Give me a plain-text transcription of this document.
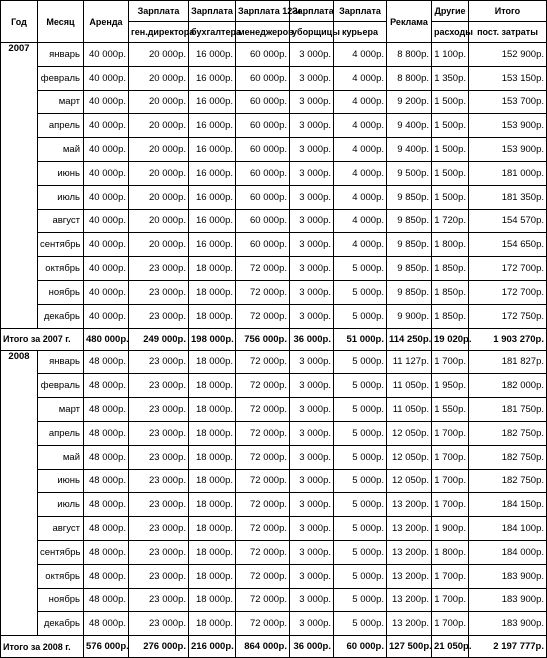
Год	Месяц	Аренда	Зарплата	Зарплата	Зарплата 12-и	Зарплата	Зарплата	Реклама	Другие	Итого
			ген.директора	бухгалтера	менеджеров	уборщицы	курьера		расходы	пост. затраты
2007	январь	40 000р.	20 000р.	16 000р.	60 000р.	3 000р.	4 000р.	8 800р.	1 100р.	152 900р.
	февраль	40 000р.	20 000р.	16 000р.	60 000р.	3 000р.	4 000р.	8 800р.	1 350р.	153 150р.
	март	40 000р.	20 000р.	16 000р.	60 000р.	3 000р.	4 000р.	9 200р.	1 500р.	153 700р.
	апрель	40 000р.	20 000р.	16 000р.	60 000р.	3 000р.	4 000р.	9 400р.	1 500р.	153 900р.
	май	40 000р.	20 000р.	16 000р.	60 000р.	3 000р.	4 000р.	9 400р.	1 500р.	153 900р.
	июнь	40 000р.	20 000р.	16 000р.	60 000р.	3 000р.	4 000р.	9 500р.	1 500р.	181 000р.
	июль	40 000р.	20 000р.	16 000р.	60 000р.	3 000р.	4 000р.	9 850р.	1 500р.	181 350р.
	август	40 000р.	20 000р.	16 000р.	60 000р.	3 000р.	4 000р.	9 850р.	1 720р.	154 570р.
	сентябрь	40 000р.	20 000р.	16 000р.	60 000р.	3 000р.	4 000р.	9 850р.	1 800р.	154 650р.
	октябрь	40 000р.	23 000р.	18 000р.	72 000р.	3 000р.	5 000р.	9 850р.	1 850р.	172 700р.
	ноябрь	40 000р.	23 000р.	18 000р.	72 000р.	3 000р.	5 000р.	9 850р.	1 850р.	172 700р.
	декабрь	40 000р.	23 000р.	18 000р.	72 000р.	3 000р.	5 000р.	9 900р.	1 850р.	172 750р.
Итого за 2007 г.		480 000р.	249 000р.	198 000р.	756 000р.	36 000р.	51 000р.	114 250р.	19 020р.	1 903 270р.
2008	январь	48 000р.	23 000р.	18 000р.	72 000р.	3 000р.	5 000р.	11 127р.	1 700р.	181 827р.
	февраль	48 000р.	23 000р.	18 000р.	72 000р.	3 000р.	5 000р.	11 050р.	1 950р.	182 000р.
	март	48 000р.	23 000р.	18 000р.	72 000р.	3 000р.	5 000р.	11 050р.	1 550р.	181 750р.
	апрель	48 000р.	23 000р.	18 000р.	72 000р.	3 000р.	5 000р.	12 050р.	1 700р.	182 750р.
	май	48 000р.	23 000р.	18 000р.	72 000р.	3 000р.	5 000р.	12 050р.	1 700р.	182 750р.
	июнь	48 000р.	23 000р.	18 000р.	72 000р.	3 000р.	5 000р.	12 050р.	1 700р.	182 750р.
	июль	48 000р.	23 000р.	18 000р.	72 000р.	3 000р.	5 000р.	13 200р.	1 700р.	184 150р.
	август	48 000р.	23 000р.	18 000р.	72 000р.	3 000р.	5 000р.	13 200р.	1 900р.	184 100р.
	сентябрь	48 000р.	23 000р.	18 000р.	72 000р.	3 000р.	5 000р.	13 200р.	1 800р.	184 000р.
	октябрь	48 000р.	23 000р.	18 000р.	72 000р.	3 000р.	5 000р.	13 200р.	1 700р.	183 900р.
	ноябрь	48 000р.	23 000р.	18 000р.	72 000р.	3 000р.	5 000р.	13 200р.	1 700р.	183 900р.
	декабрь	48 000р.	23 000р.	18 000р.	72 000р.	3 000р.	5 000р.	13 200р.	1 700р.	183 900р.
Итого за 2008 г.		576 000р.	276 000р.	216 000р.	864 000р.	36 000р.	60 000р.	127 500р.	21 050р.	2 197 777р.
